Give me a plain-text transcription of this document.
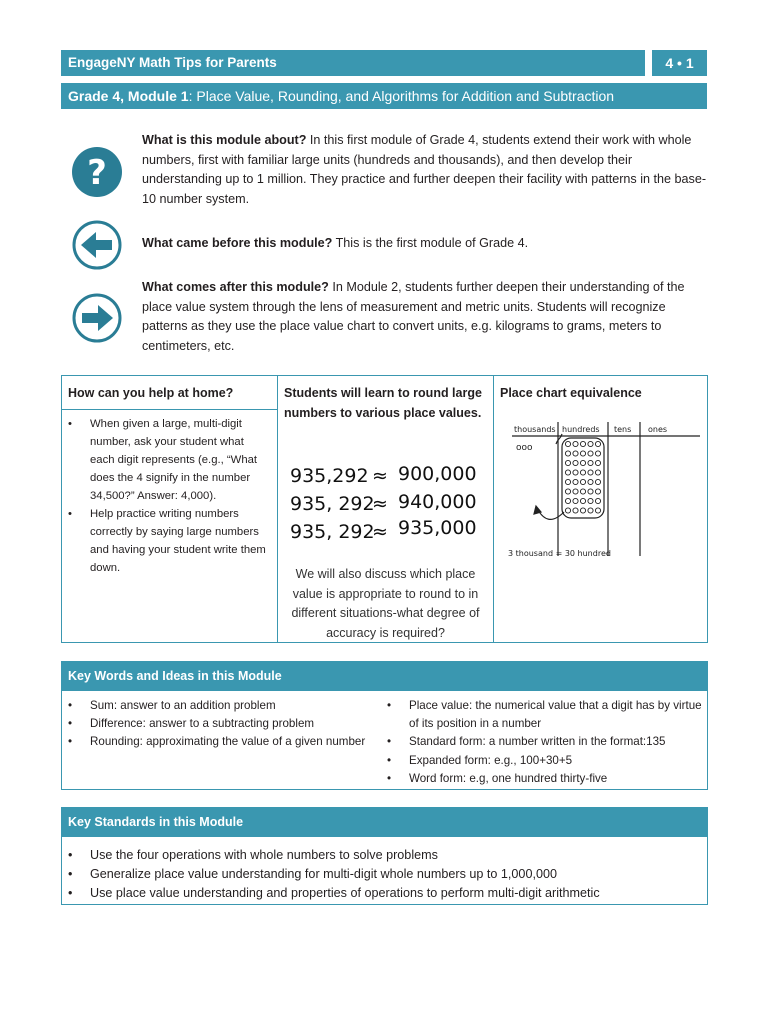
EngageNY Math Tips for Parents	4 • 1
Grade 4, Module 1: Place Value, Rounding, and Algorithms for Addition and Subtraction
?
What is this module about? In this first module of Grade 4, students extend their work with whole numbers, first with familiar large units (hundreds and thousands), and then develop their understanding up to 1 million. They practice and further deepen their facility with patterns in the base-10 number system.
What came before this module? This is the first module of Grade 4.
What comes after this module? In Module 2, students further deepen their understanding of the place value system through the lens of measurement and metric units. Students will recognize patterns as they use the place value chart to convert units, e.g. kilograms to grams, meters to centimeters, etc.
How can you help at home?
• When given a large, multi-digit number, ask your student what each digit represents (e.g., “What does the 4 signify in the number 34,500?” Answer: 4,000).
• Help practice writing numbers correctly by saying large numbers and having your student write them down.
Students will learn to round large numbers to various place values.
935,292 ≈ 900,000
935, 292
≈ 940,000
935, 292
≈ 935,000
We will also discuss which place value is appropriate to round to in different situations-what degree of accuracy is required?
Place chart equivalence
thousands hundreds tens ones
ooo
3 thousand = 30 hundred
Key Words and Ideas in this Module
• Sum: answer to an addition problem
• Difference: answer to a subtracting problem
• Rounding: approximating the value of a given number
• Place value: the numerical value that a digit has by virtue of its position in a number
• Standard form: a number written in the format:135
• Expanded form: e.g., 100+30+5
• Word form: e.g, one hundred thirty-five
Key Standards in this Module
• Use the four operations with whole numbers to solve problems
• Generalize place value understanding for multi-digit whole numbers up to 1,000,000
• Use place value understanding and properties of operations to perform multi-digit arithmetic
